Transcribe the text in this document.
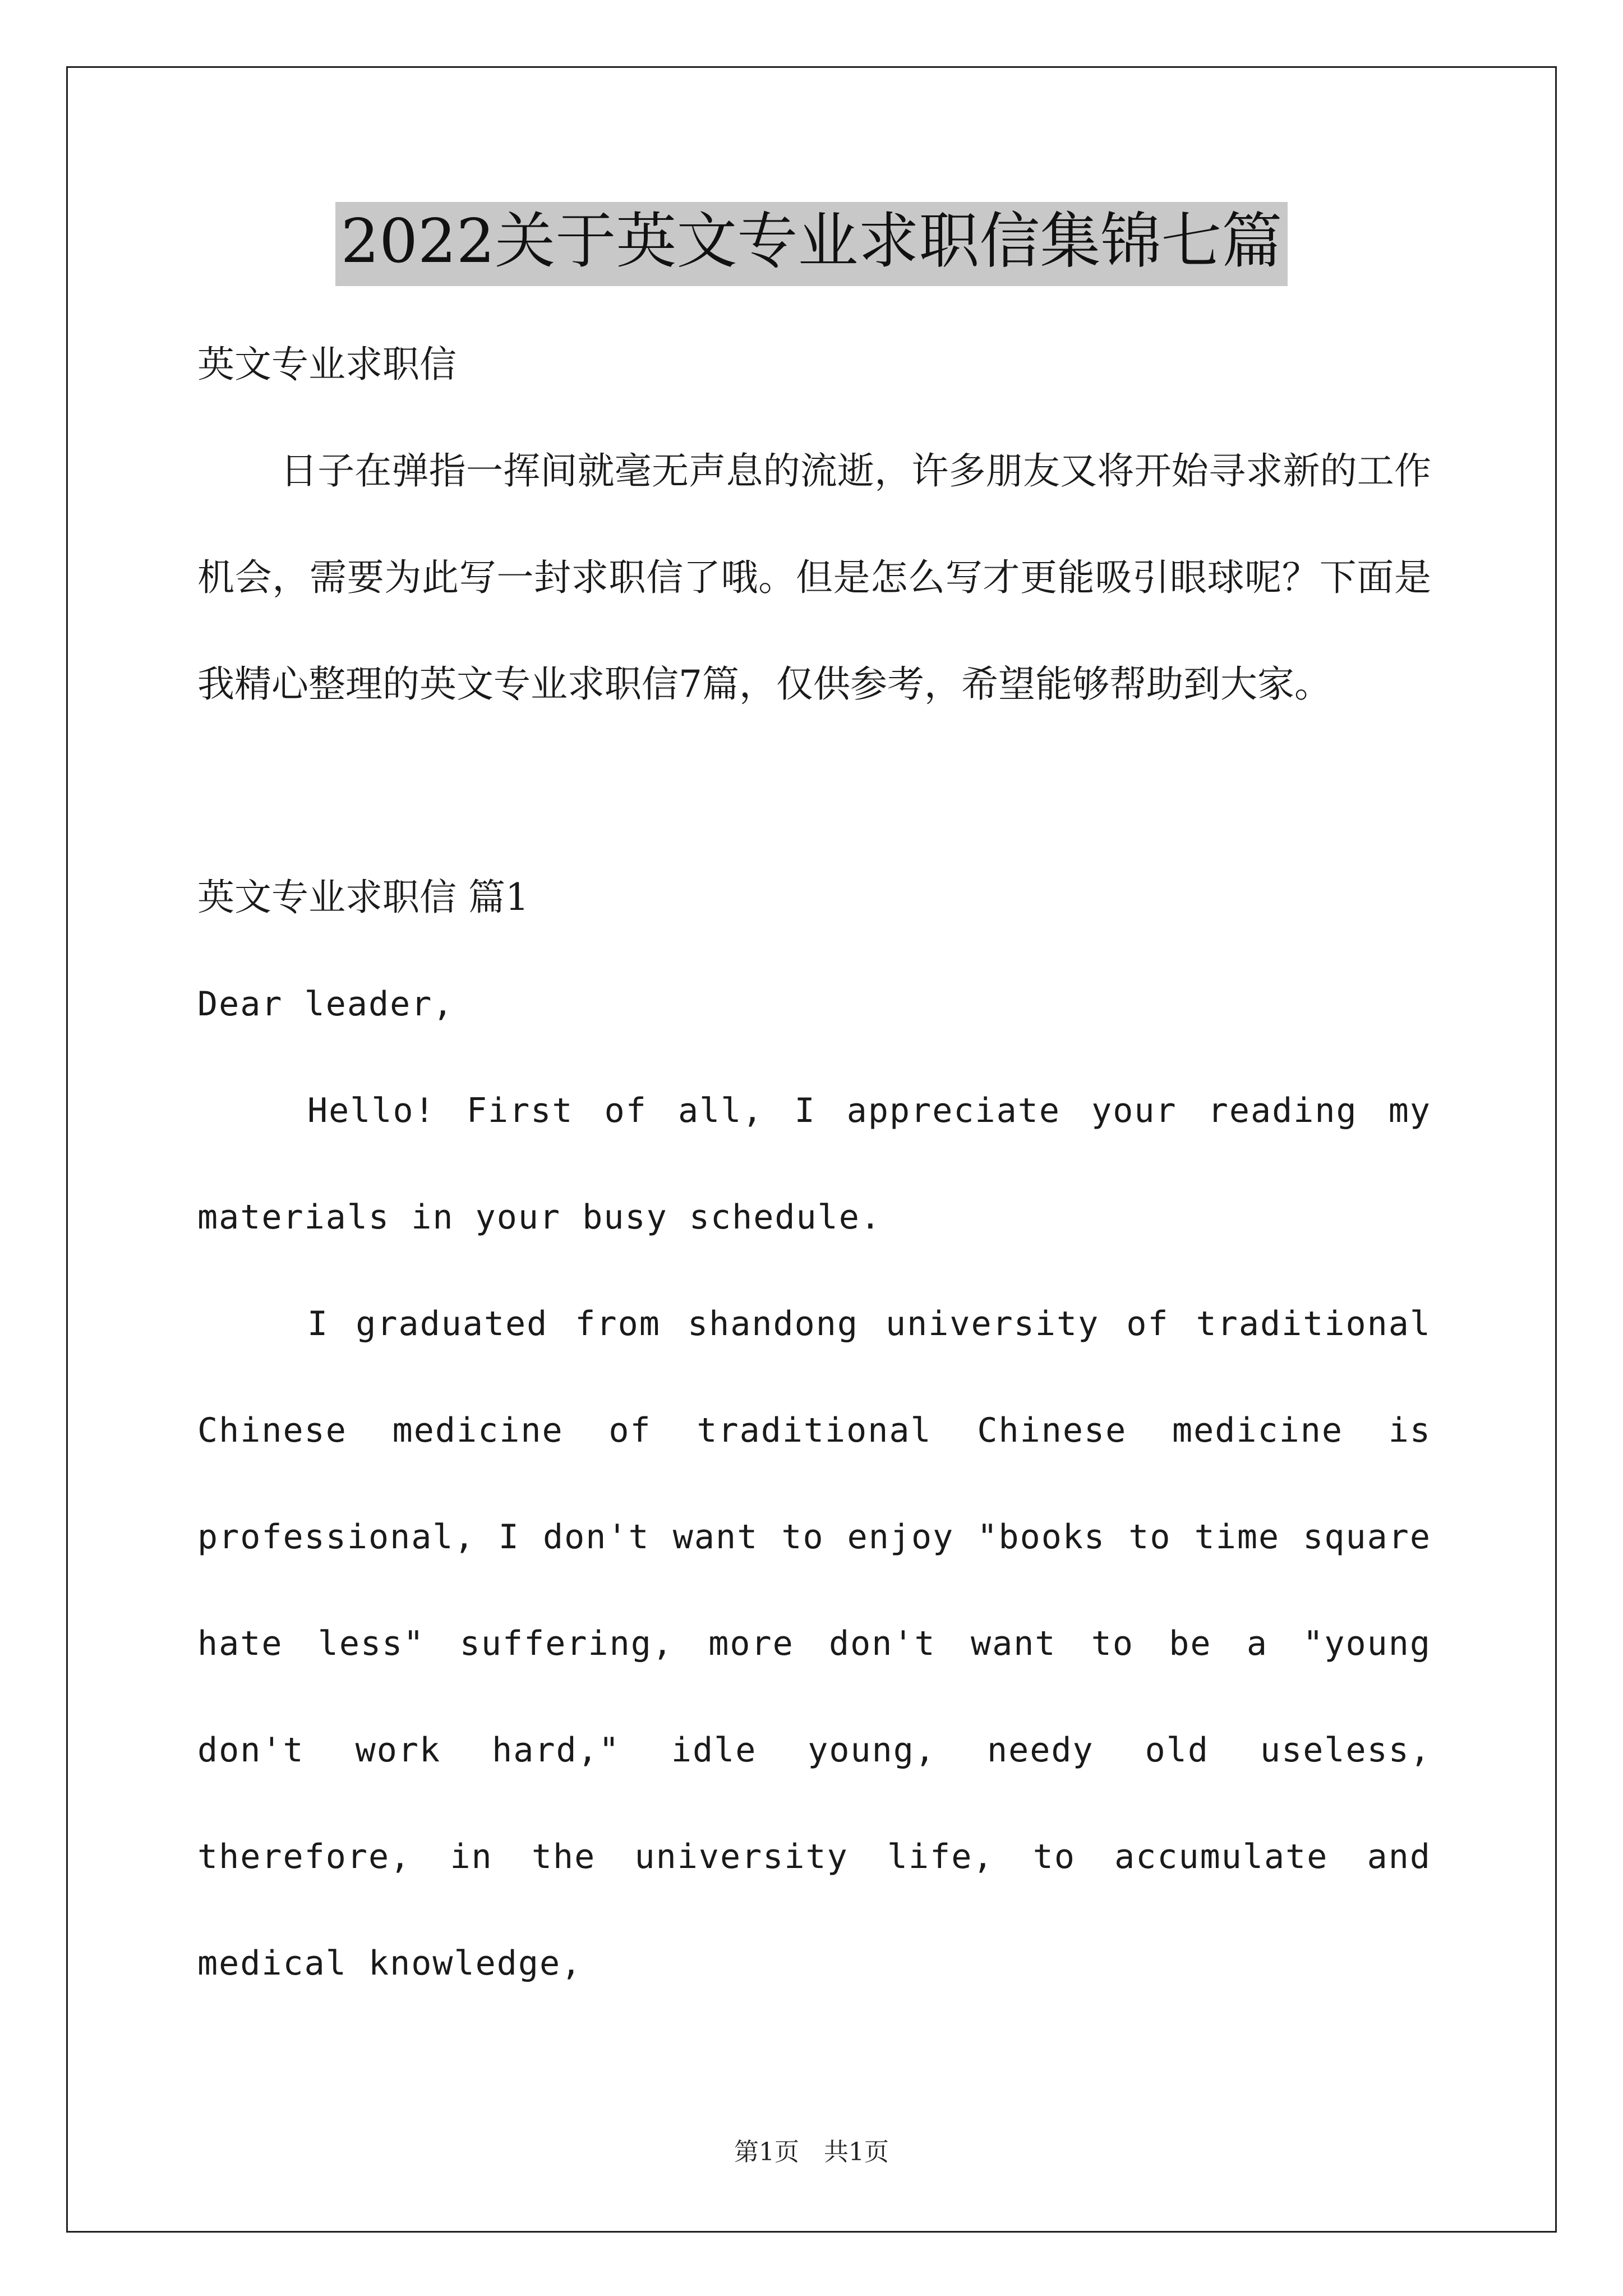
2022关于英文专业求职信集锦七篇

英文专业求职信

日子在弹指一挥间就毫无声息的流逝，许多朋友又将开始寻求新的工作机会，需要为此写一封求职信了哦。但是怎么写才更能吸引眼球呢？下面是我精心整理的英文专业求职信7篇，仅供参考，希望能够帮助到大家。

英文专业求职信 篇1

Dear leader,

Hello! First of all, I appreciate your reading my materials in your busy schedule.

I graduated from shandong university of traditional Chinese medicine of traditional Chinese medicine is professional, I don't want to enjoy "books to time square hate less" suffering, more don't want to be a "young don't work hard," idle young, needy old useless, therefore, in the university life, to accumulate and medical knowledge,

第1页　共1页
